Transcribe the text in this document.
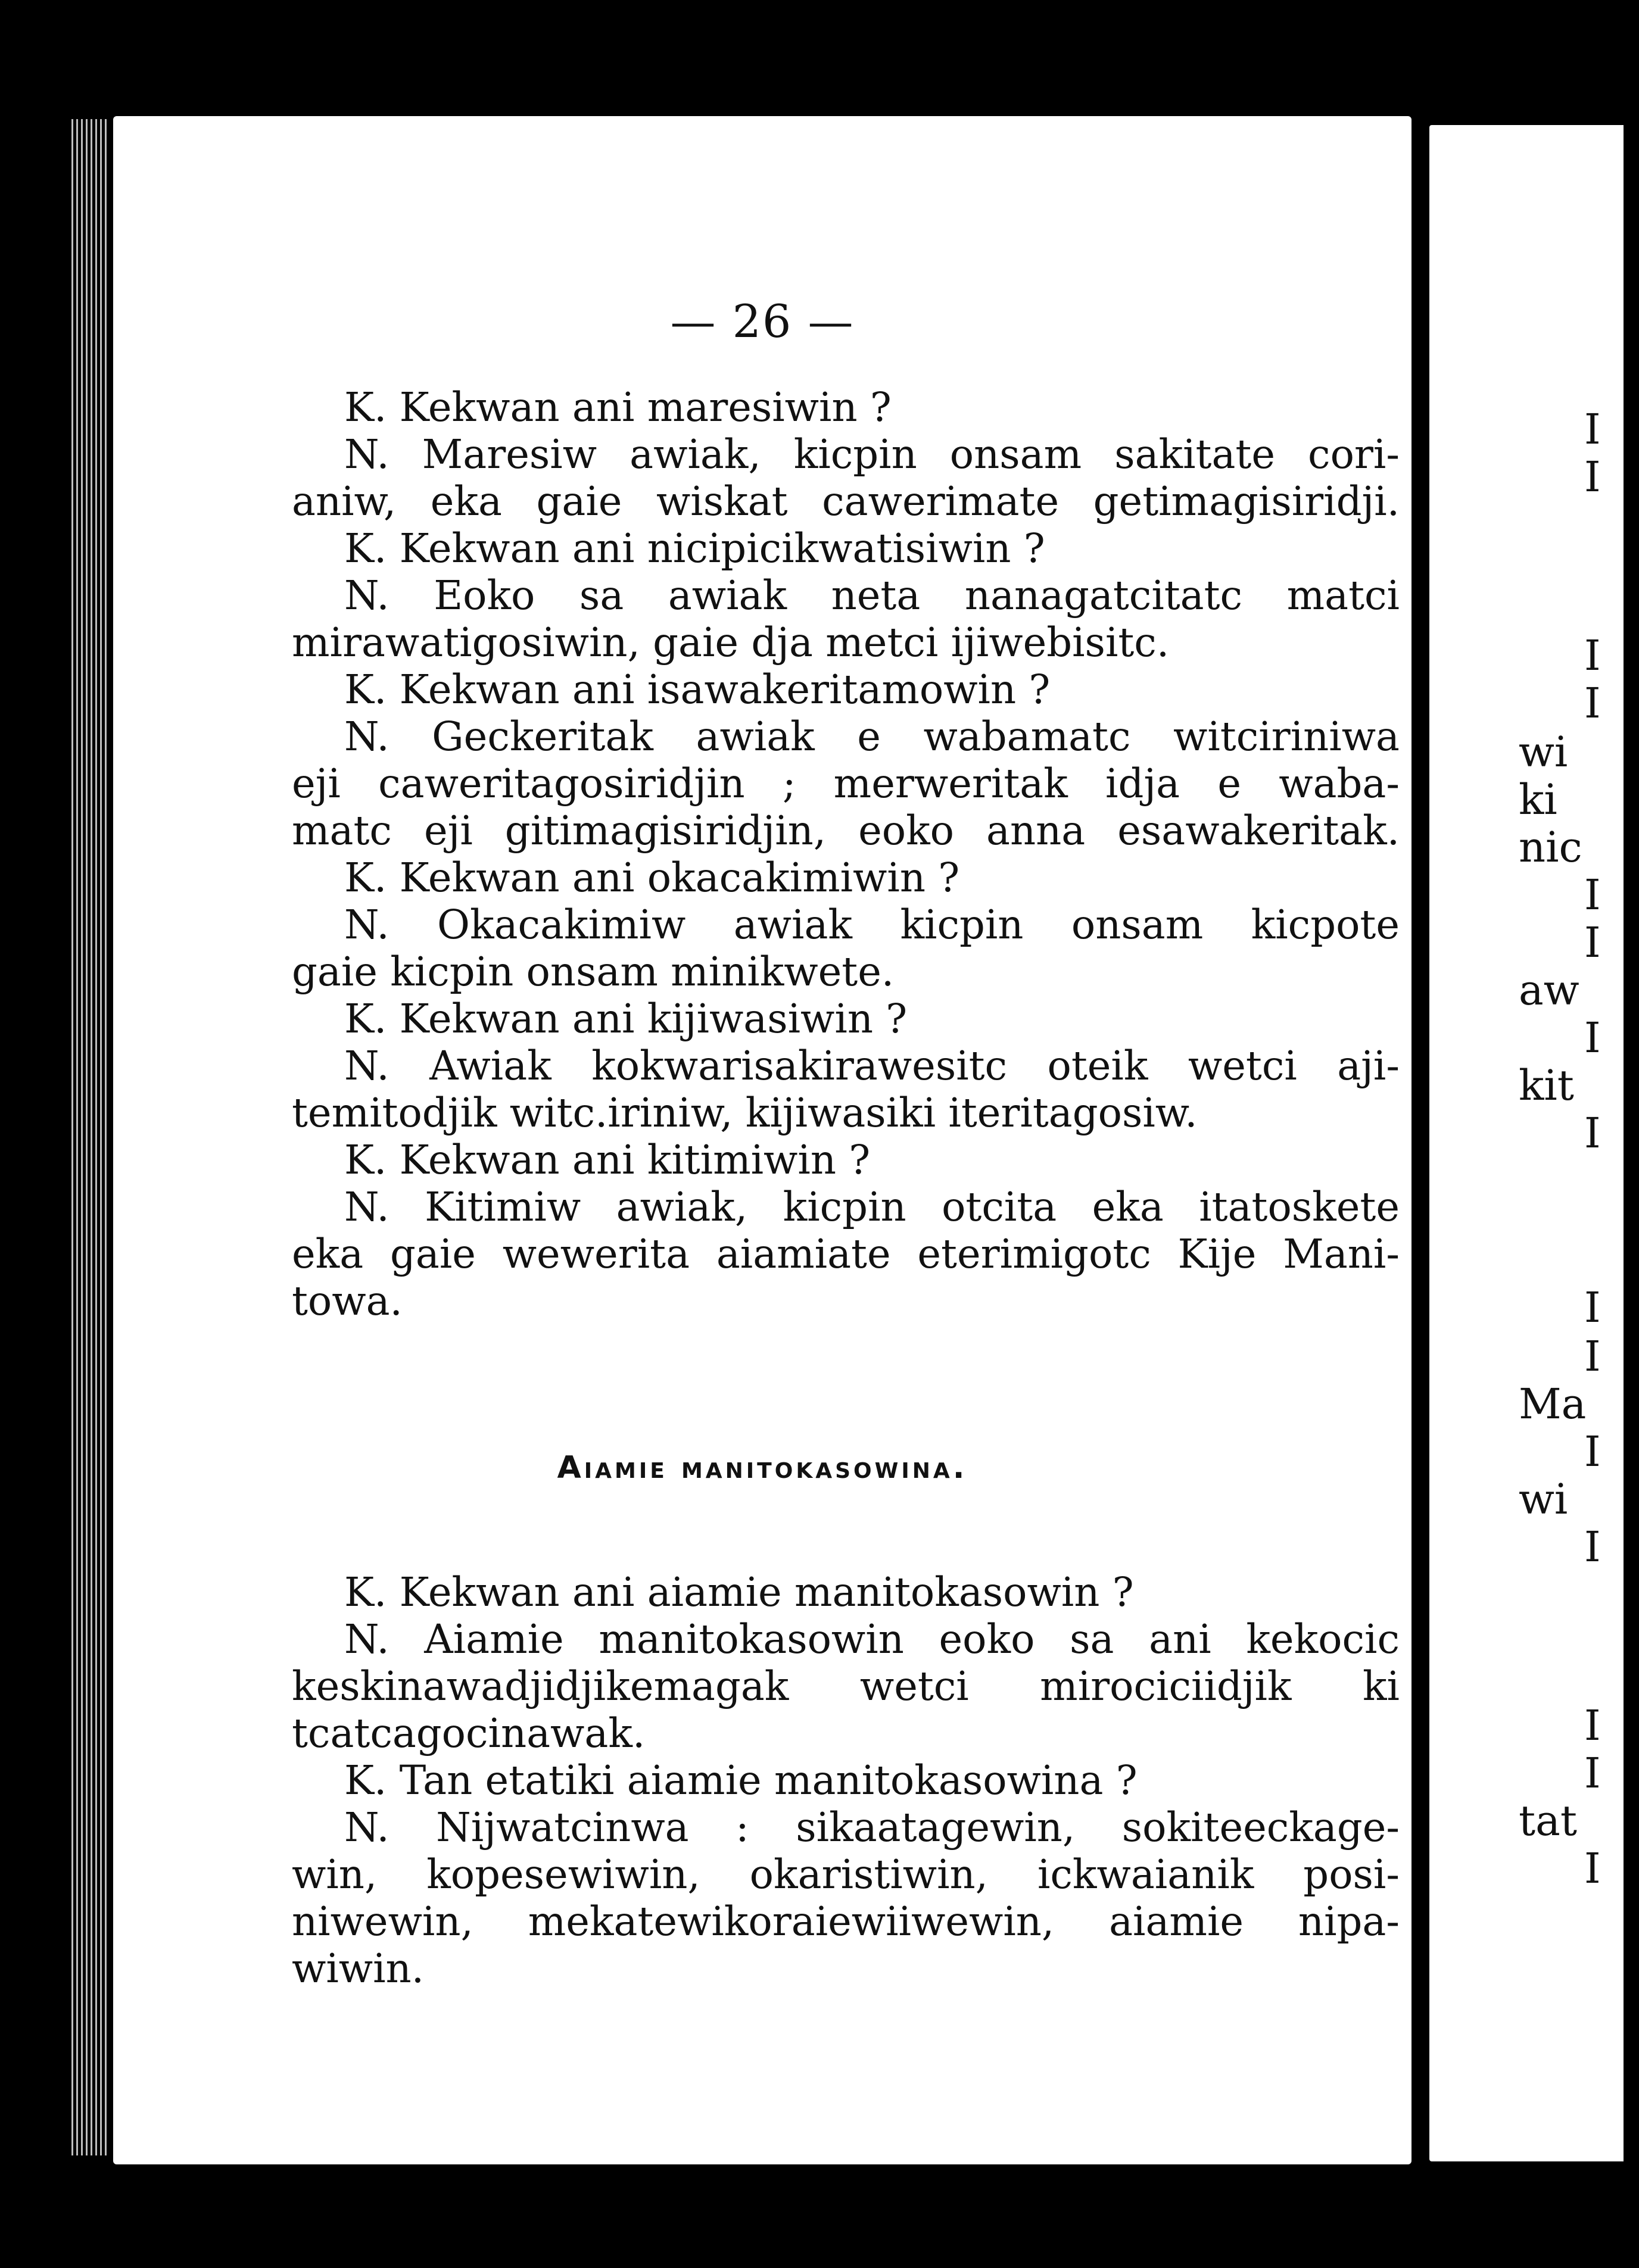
— 26 —
K. Kekwan ani maresiwin ?
N. Maresiw awiak, kicpin onsam sakitate cori-
aniw, eka gaie wiskat cawerimate getimagisiridji.
K. Kekwan ani nicipicikwatisiwin ?
N. Eoko sa awiak neta nanagatcitatc matci
mirawatigosiwin, gaie dja metci ijiwebisitc.
K. Kekwan ani isawakeritamowin ?
N. Geckeritak awiak e wabamatc witciriniwa
eji caweritagosiridjin ; merweritak idja e waba-
matc eji gitimagisiridjin, eoko anna esawakeritak.
K. Kekwan ani okacakimiwin ?
N. Okacakimiw awiak kicpin onsam kicpote
gaie kicpin onsam minikwete.
K. Kekwan ani kijiwasiwin ?
N. Awiak kokwarisakirawesitc oteik wetci aji-
temitodjik witc.iriniw, kijiwasiki iteritagosiw.
K. Kekwan ani kitimiwin ?
N. Kitimiw awiak, kicpin otcita eka itatoskete
eka gaie wewerita aiamiate eterimigotc Kije Mani-
towa.
Aiamie manitokasowina.
K. Kekwan ani aiamie manitokasowin ?
N. Aiamie manitokasowin eoko sa ani kekocic
keskinawadjidjikemagak wetci mirociciidjik ki
tcatcagocinawak.
K. Tan etatiki aiamie manitokasowina ?
N. Nijwatcinwa : sikaatagewin, sokiteeckage-
win, kopesewiwin, okaristiwin, ickwaianik posi-
niwewin, mekatewikoraiewiiwewin, aiamie nipa-
wiwin.
I
I
I
I
wi
ki
nic
I
I
aw
I
kit
I
I
I
Ma
I
wi
I
I
I
tat
I
